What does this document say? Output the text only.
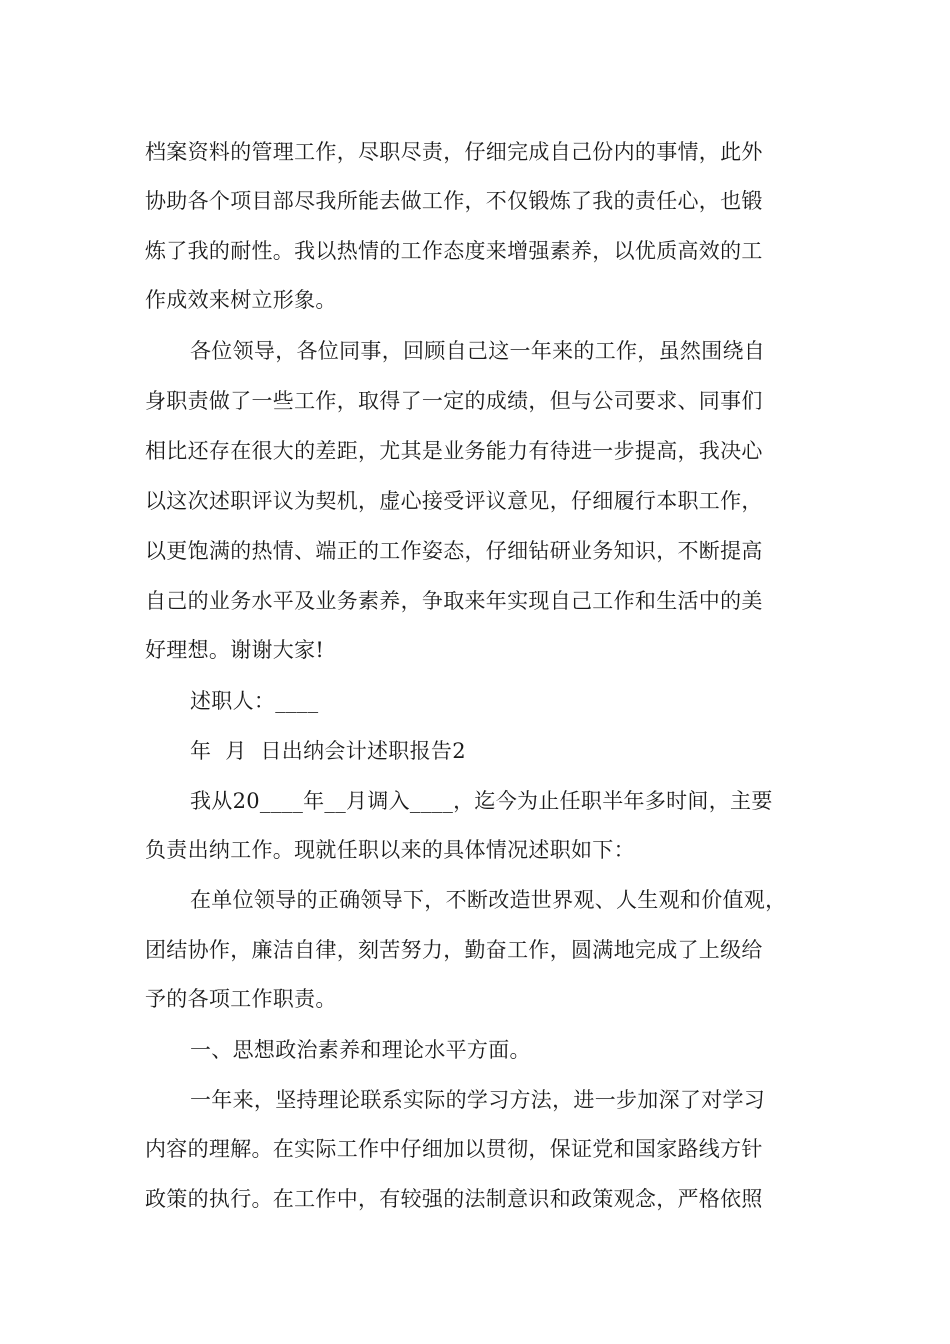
档案资料的管理工作，尽职尽责，仔细完成自己份内的事情，此外
协助各个项目部尽我所能去做工作，不仅锻炼了我的责任心，也锻
炼了我的耐性。我以热情的工作态度来增强素养，以优质高效的工
作成效来树立形象。
各位领导，各位同事，回顾自己这一年来的工作，虽然围绕自
身职责做了一些工作，取得了一定的成绩，但与公司要求、同事们
相比还存在很大的差距，尤其是业务能力有待进一步提高，我决心
以这次述职评议为契机，虚心接受评议意见，仔细履行本职工作，
以更饱满的热情、端正的工作姿态，仔细钻研业务知识，不断提高
自己的业务水平及业务素养，争取来年实现自己工作和生活中的美
好理想。谢谢大家!
述职人：____
年  月  日出纳会计述职报告2
我从20____年__月调入____，迄今为止任职半年多时间，主要
负责出纳工作。现就任职以来的具体情况述职如下：
在单位领导的正确领导下，不断改造世界观、人生观和价值观，
团结协作，廉洁自律，刻苦努力，勤奋工作，圆满地完成了上级给
予的各项工作职责。
一、思想政治素养和理论水平方面。
一年来，坚持理论联系实际的学习方法，进一步加深了对学习
内容的理解。在实际工作中仔细加以贯彻，保证党和国家路线方针
政策的执行。在工作中，有较强的法制意识和政策观念，严格依照
